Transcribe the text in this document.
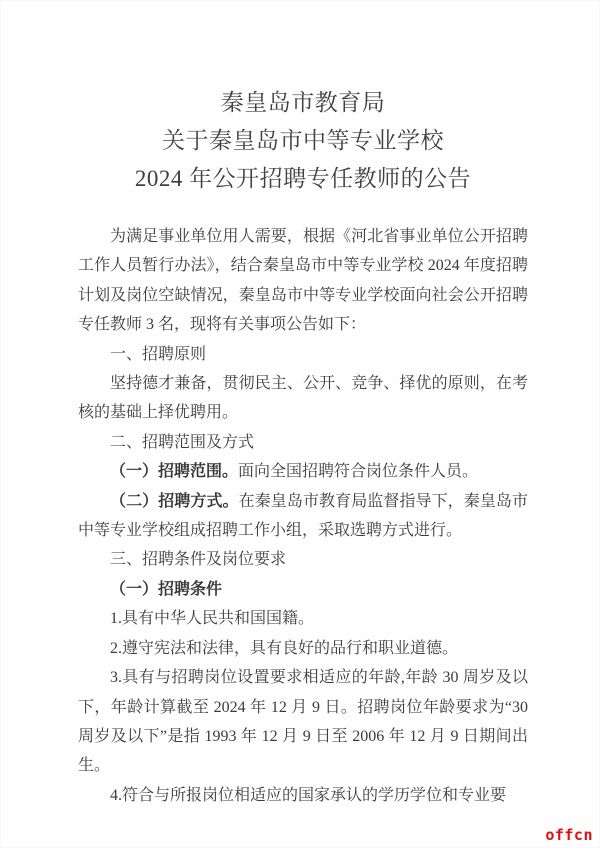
秦皇岛市教育局
关于秦皇岛市中等专业学校
2024 年公开招聘专任教师的公告

为满足事业单位用人需要，根据《河北省事业单位公开招聘工作人员暂行办法》，结合秦皇岛市中等专业学校 2024 年度招聘计划及岗位空缺情况，秦皇岛市中等专业学校面向社会公开招聘专任教师 3 名，现将有关事项公告如下：

一、招聘原则

坚持德才兼备，贯彻民主、公开、竞争、择优的原则，在考核的基础上择优聘用。

二、招聘范围及方式

（一）招聘范围。面向全国招聘符合岗位条件人员。

（二）招聘方式。在秦皇岛市教育局监督指导下，秦皇岛市中等专业学校组成招聘工作小组，采取选聘方式进行。

三、招聘条件及岗位要求

（一）招聘条件

1.具有中华人民共和国国籍。

2.遵守宪法和法律，具有良好的品行和职业道德。

3.具有与招聘岗位设置要求相适应的年龄,年龄 30 周岁及以下，年龄计算截至 2024 年 12 月 9 日。招聘岗位年龄要求为“30周岁及以下”是指 1993 年 12 月 9 日至 2006 年 12 月 9 日期间出生。

4.符合与所报岗位相适应的国家承认的学历学位和专业要

offcn
